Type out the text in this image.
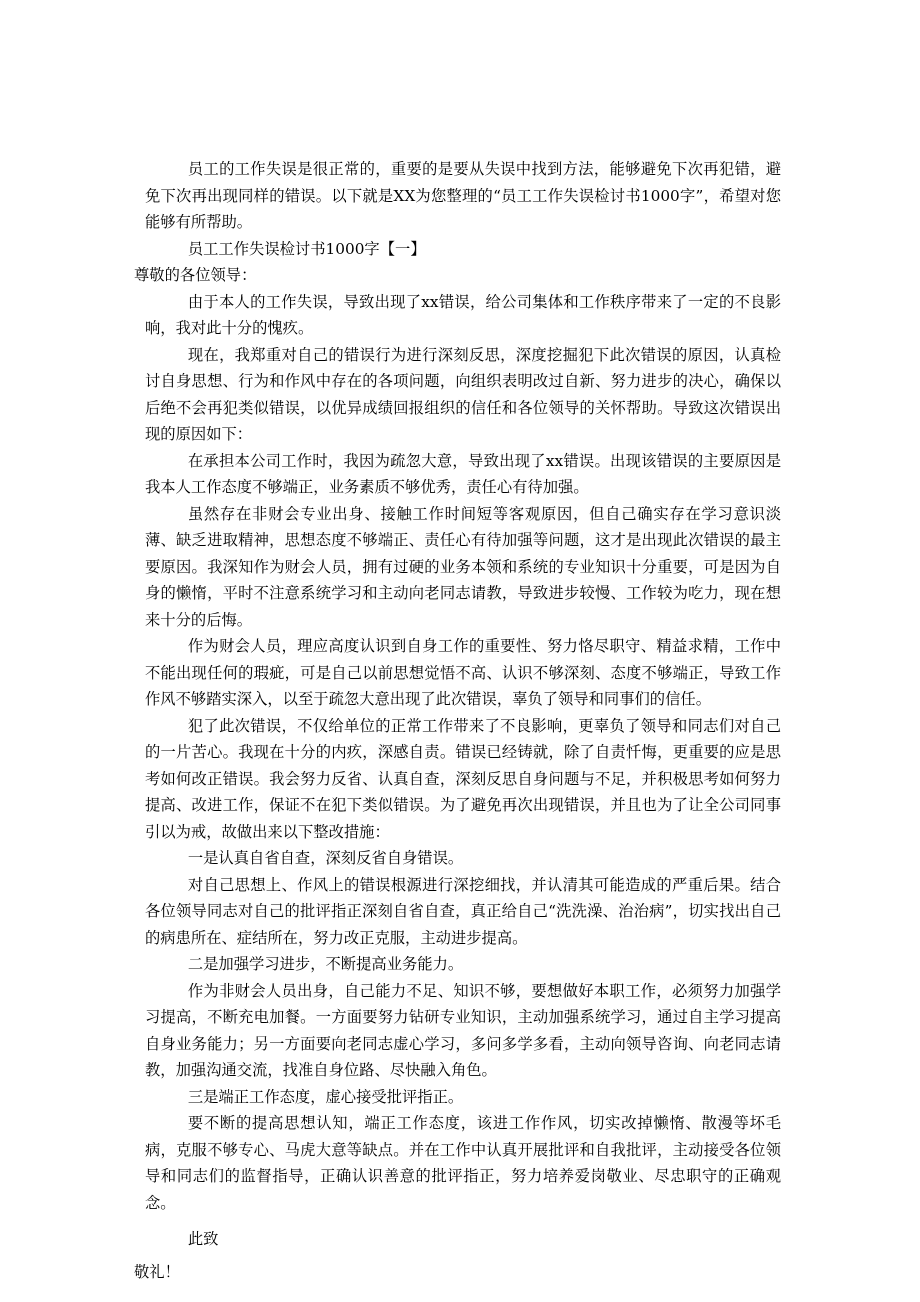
员工的工作失误是很正常的，重要的是要从失误中找到方法，能够避免下次再犯错，避免下次再出现同样的错误。以下就是XX为您整理的“员工工作失误检讨书1000字”，希望对您能够有所帮助。

员工工作失误检讨书1000字【一】

尊敬的各位领导：

由于本人的工作失误，导致出现了xx错误，给公司集体和工作秩序带来了一定的不良影响，我对此十分的愧疚。

现在，我郑重对自己的错误行为进行深刻反思，深度挖掘犯下此次错误的原因，认真检讨自身思想、行为和作风中存在的各项问题，向组织表明改过自新、努力进步的决心，确保以后绝不会再犯类似错误，以优异成绩回报组织的信任和各位领导的关怀帮助。导致这次错误出现的原因如下：

在承担本公司工作时，我因为疏忽大意，导致出现了xx错误。出现该错误的主要原因是我本人工作态度不够端正，业务素质不够优秀，责任心有待加强。

虽然存在非财会专业出身、接触工作时间短等客观原因，但自己确实存在学习意识淡薄、缺乏进取精神，思想态度不够端正、责任心有待加强等问题，这才是出现此次错误的最主要原因。我深知作为财会人员，拥有过硬的业务本领和系统的专业知识十分重要，可是因为自身的懒惰，平时不注意系统学习和主动向老同志请教，导致进步较慢、工作较为吃力，现在想来十分的后悔。

作为财会人员，理应高度认识到自身工作的重要性、努力恪尽职守、精益求精，工作中不能出现任何的瑕疵，可是自己以前思想觉悟不高、认识不够深刻、态度不够端正，导致工作作风不够踏实深入，以至于疏忽大意出现了此次错误，辜负了领导和同事们的信任。

犯了此次错误，不仅给单位的正常工作带来了不良影响，更辜负了领导和同志们对自己的一片苦心。我现在十分的内疚，深感自责。错误已经铸就，除了自责忏悔，更重要的应是思考如何改正错误。我会努力反省、认真自查，深刻反思自身问题与不足，并积极思考如何努力提高、改进工作，保证不在犯下类似错误。为了避免再次出现错误，并且也为了让全公司同事引以为戒，故做出来以下整改措施：

一是认真自省自查，深刻反省自身错误。

对自己思想上、作风上的错误根源进行深挖细找，并认清其可能造成的严重后果。结合各位领导同志对自己的批评指正深刻自省自查，真正给自己“洗洗澡、治治病”，切实找出自己的病患所在、症结所在，努力改正克服，主动进步提高。

二是加强学习进步，不断提高业务能力。

作为非财会人员出身，自己能力不足、知识不够，要想做好本职工作，必须努力加强学习提高，不断充电加餐。一方面要努力钻研专业知识，主动加强系统学习，通过自主学习提高自身业务能力；另一方面要向老同志虚心学习，多问多学多看，主动向领导咨询、向老同志请教，加强沟通交流，找准自身位路、尽快融入角色。

三是端正工作态度，虚心接受批评指正。

要不断的提高思想认知，端正工作态度，该进工作作风，切实改掉懒惰、散漫等坏毛病，克服不够专心、马虎大意等缺点。并在工作中认真开展批评和自我批评，主动接受各位领导和同志们的监督指导，正确认识善意的批评指正，努力培养爱岗敬业、尽忠职守的正确观念。

此致

敬礼！
